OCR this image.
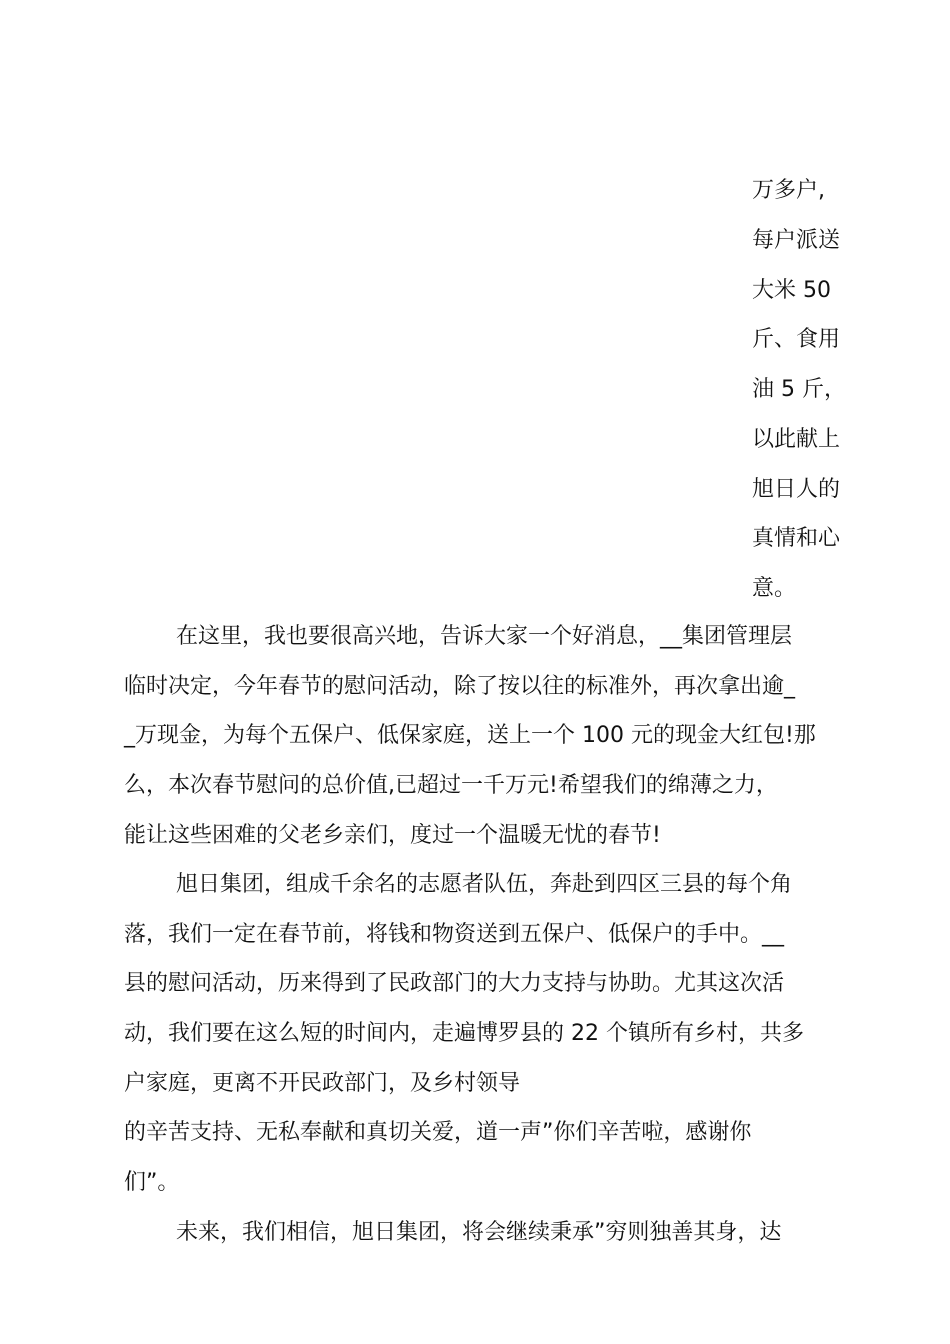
万多户,
每户派送
大米 50
斤、食用
油 5 斤，
以此献上
旭日人的
真情和心
意。
在这里，我也要很高兴地，告诉大家一个好消息，__集团管理层
临时决定，今年春节的慰问活动，除了按以往的标准外，再次拿出逾_
_万现金，为每个五保户、低保家庭，送上一个 100 元的现金大红包!那
么，本次春节慰问的总价值,已超过一千万元!希望我们的绵薄之力，
能让这些困难的父老乡亲们，度过一个温暖无忧的春节!
旭日集团，组成千余名的志愿者队伍，奔赴到四区三县的每个角
落，我们一定在春节前，将钱和物资送到五保户、低保户的手中。__
县的慰问活动，历来得到了民政部门的大力支持与协助。尤其这次活
动，我们要在这么短的时间内，走遍博罗县的 22 个镇所有乡村，共多
户家庭，更离不开民政部门，及乡村领导
的辛苦支持、无私奉献和真切关爱，道一声”你们辛苦啦，感谢你
们”。
未来，我们相信，旭日集团，将会继续秉承”穷则独善其身，达
